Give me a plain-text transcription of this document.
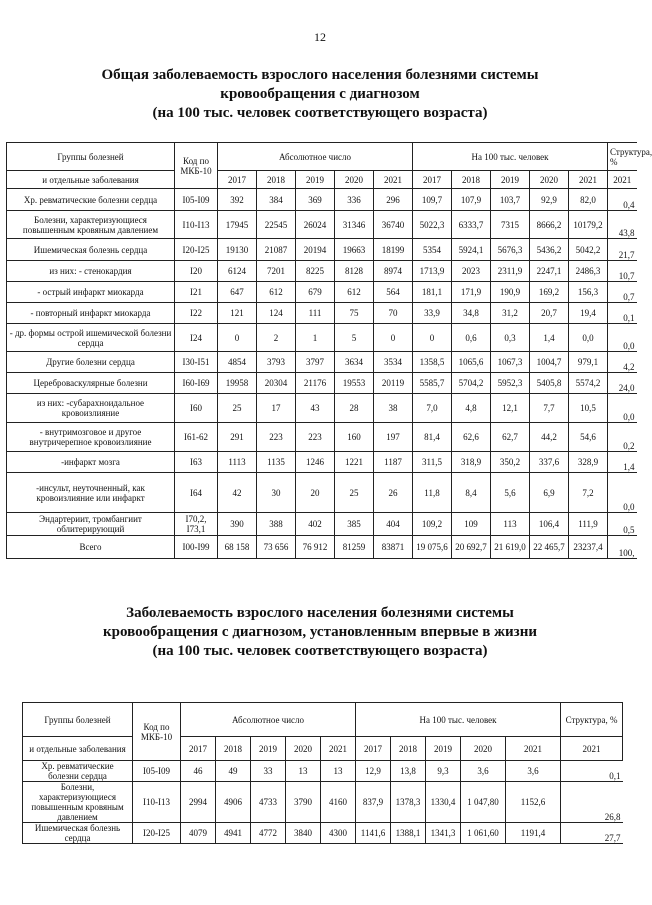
12
Общая заболеваемость взрослого населения болезнями системы
кровообращения с диагнозом
(на 100 тыс. человек соответствующего возраста)
Группы болезней	Код по МКБ-10	Абсолютное число					На 100 тыс. человек					Структура, %
и отдельные заболевания		2017	2018	2019	2020	2021	2017	2018	2019	2020	2021	2021
Хр. ревматические болезни сердца	I05-I09	392	384	369	336	296	109,7	107,9	103,7	92,9	82,0	0,4
Болезни, характеризующиеся повышенным кровяным давлением	I10-I13	17945	22545	26024	31346	36740	5022,3	6333,7	7315	8666,2	10179,2	43,8
Ишемическая болезнь сердца	I20-I25	19130	21087	20194	19663	18199	5354	5924,1	5676,3	5436,2	5042,2	21,7
из них: - стенокардия	I20	6124	7201	8225	8128	8974	1713,9	2023	2311,9	2247,1	2486,3	10,7
- острый инфаркт миокарда	I21	647	612	679	612	564	181,1	171,9	190,9	169,2	156,3	0,7
- повторный инфаркт миокарда	I22	121	124	111	75	70	33,9	34,8	31,2	20,7	19,4	0,1
- др. формы острой ишемической болезни сердца	I24	0	2	1	5	0	0	0,6	0,3	1,4	0,0	0,0
Другие болезни сердца	I30-I51	4854	3793	3797	3634	3534	1358,5	1065,6	1067,3	1004,7	979,1	4,2
Цереброваскулярные болезни	I60-I69	19958	20304	21176	19553	20119	5585,7	5704,2	5952,3	5405,8	5574,2	24,0
из них: -субарахноидальное кровоизлияние	I60	25	17	43	28	38	7,0	4,8	12,1	7,7	10,5	0,0
- внутримозговое и другое внутричерепное кровоизлияние	I61-62	291	223	223	160	197	81,4	62,6	62,7	44,2	54,6	0,2
-инфаркт мозга	I63	1113	1135	1246	1221	1187	311,5	318,9	350,2	337,6	328,9	1,4
-инсульт, неуточненный, как кровоизлияние или инфаркт	I64	42	30	20	25	26	11,8	8,4	5,6	6,9	7,2	0,0
Эндартериит, тромбангиит облитерирующий	I70,2, I73,1	390	388	402	385	404	109,2	109	113	106,4	111,9	0,5
Всего	I00-I99	68 158	73 656	76 912	81259	83871	19 075,6	20 692,7	21 619,0	22 465,7	23237,4	100,
Заболеваемость взрослого населения болезнями системы
кровообращения с диагнозом, установленным впервые в жизни
(на 100 тыс. человек соответствующего возраста)
Группы болезней	Код по МКБ-10	Абсолютное число					На 100 тыс. человек					Структура, %
и отдельные заболевания		2017	2018	2019	2020	2021	2017	2018	2019	2020	2021	2021
Хр. ревматические болезни сердца	I05-I09	46	49	33	13	13	12,9	13,8	9,3	3,6	3,6	0,1
Болезни, характеризующиеся повышенным кровяным давлением	I10-I13	2994	4906	4733	3790	4160	837,9	1378,3	1330,4	1 047,80	1152,6	26,8
Ишемическая болезнь сердца	I20-I25	4079	4941	4772	3840	4300	1141,6	1388,1	1341,3	1 061,60	1191,4	27,7
